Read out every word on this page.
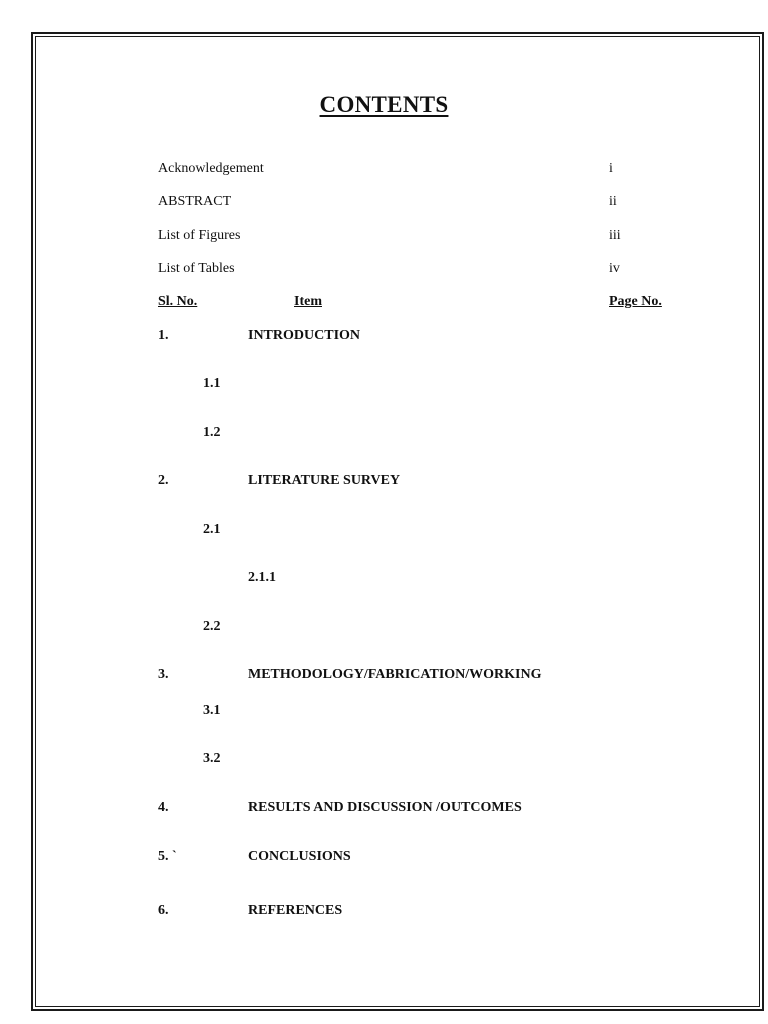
CONTENTS
Acknowledgement	i
ABSTRACT	ii
List of Figures	iii
List of Tables	iv
Sl. No.	Item	Page No.
1.	INTRODUCTION
1.1
1.2
2.	LITERATURE SURVEY
2.1
2.1.1
2.2
3.	METHODOLOGY/FABRICATION/WORKING
3.1
3.2
4.	RESULTS AND DISCUSSION /OUTCOMES
5. `	CONCLUSIONS
6.	REFERENCES
